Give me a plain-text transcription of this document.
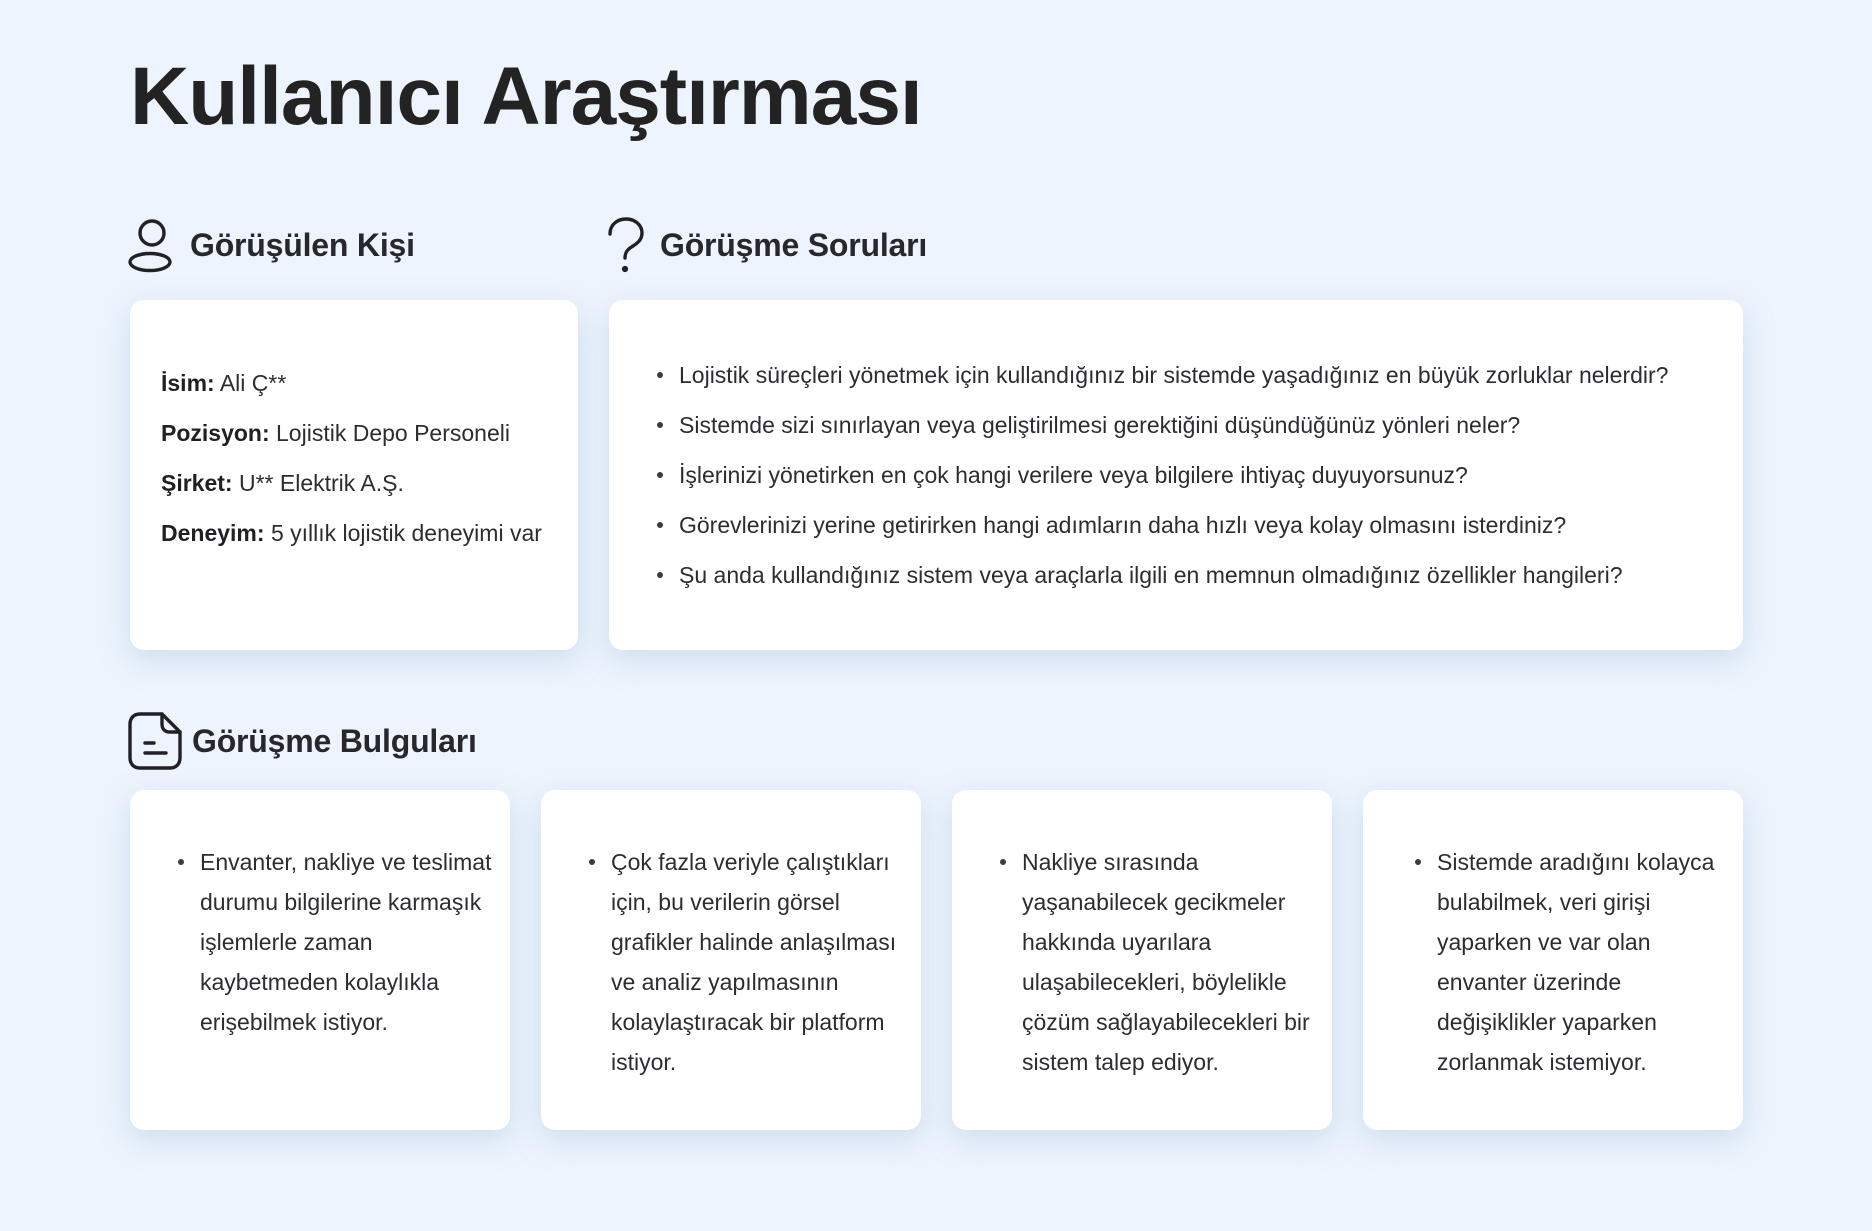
Kullanıcı Araştırması
Görüşülen Kişi
İsim: Ali Ç**
Pozisyon: Lojistik Depo Personeli
Şirket: U** Elektrik A.Ş.
Deneyim: 5 yıllık lojistik deneyimi var
Görüşme Soruları
Lojistik süreçleri yönetmek için kullandığınız bir sistemde yaşadığınız en büyük zorluklar nelerdir?
Sistemde sizi sınırlayan veya geliştirilmesi gerektiğini düşündüğünüz yönleri neler?
İşlerinizi yönetirken en çok hangi verilere veya bilgilere ihtiyaç duyuyorsunuz?
Görevlerinizi yerine getirirken hangi adımların daha hızlı veya kolay olmasını isterdiniz?
Şu anda kullandığınız sistem veya araçlarla ilgili en memnun olmadığınız özellikler hangileri?
Görüşme Bulguları
Envanter, nakliye ve teslimat durumu bilgilerine karmaşık işlemlerle zaman kaybetmeden kolaylıkla erişebilmek istiyor.
Çok fazla veriyle çalıştıkları için, bu verilerin görsel grafikler halinde anlaşılması ve analiz yapılmasının kolaylaştıracak bir platform istiyor.
Nakliye sırasında yaşanabilecek gecikmeler hakkında uyarılara ulaşabilecekleri, böylelikle çözüm sağlayabilecekleri bir sistem talep ediyor.
Sistemde aradığını kolayca bulabilmek, veri girişi yaparken ve var olan envanter üzerinde değişiklikler yaparken zorlanmak istemiyor.
